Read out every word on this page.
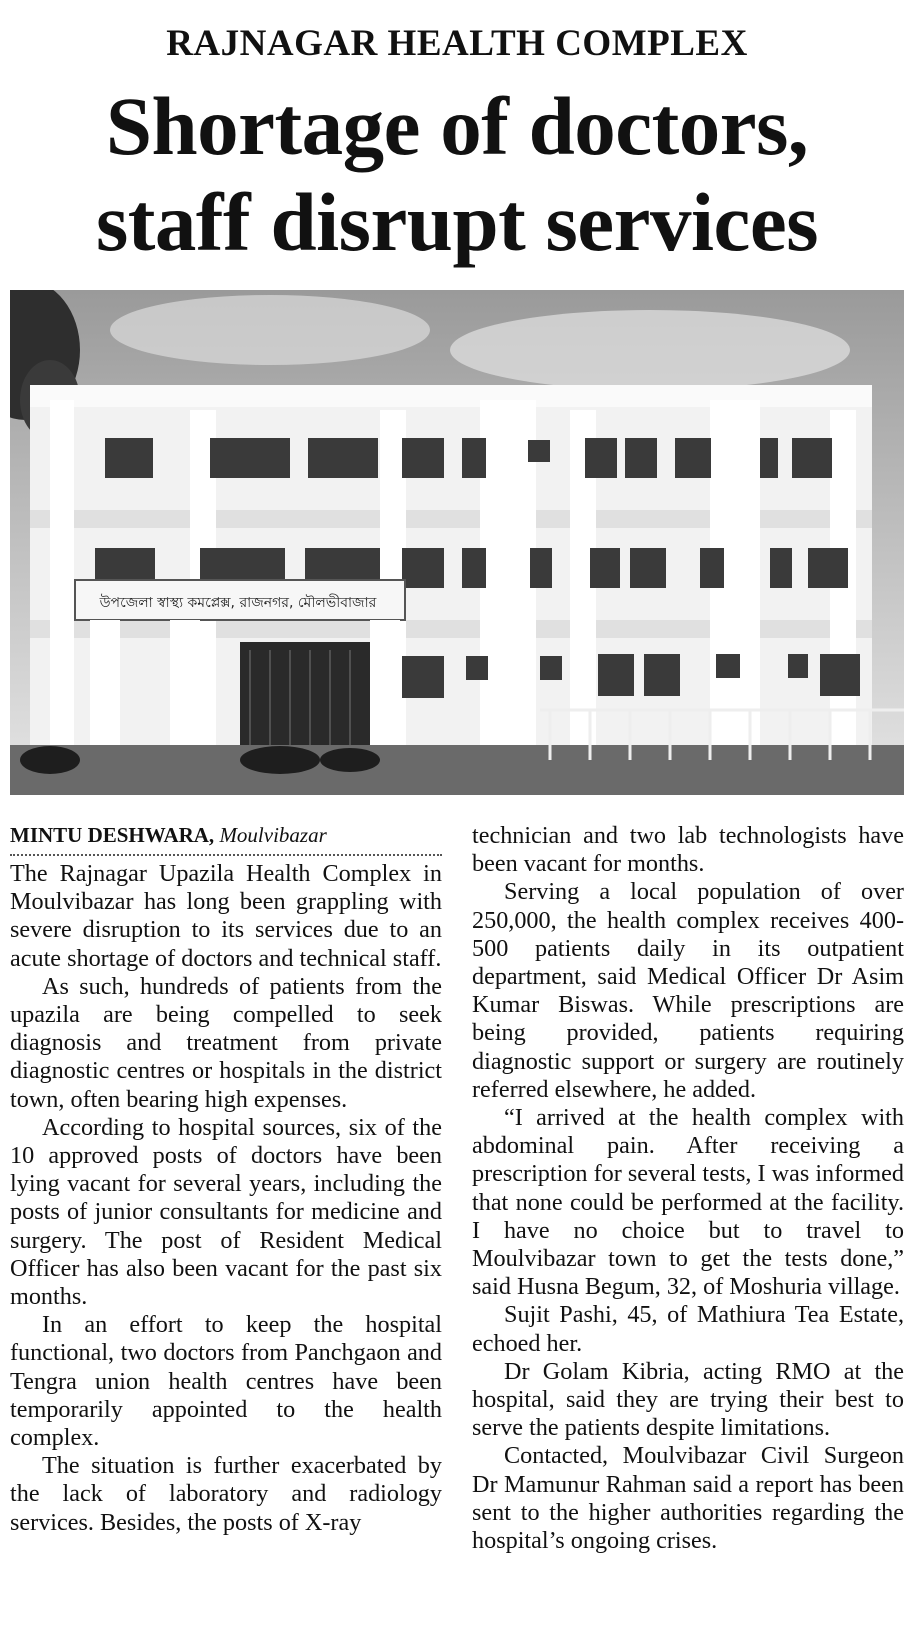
RAJNAGAR HEALTH COMPLEX
Shortage of doctors,
staff disrupt services
উপজেলা স্বাস্থ্য কমপ্লেক্স, রাজনগর, মৌলভীবাজার
MINTU DESHWARA, Moulvibazar

The Rajnagar Upazila Health Complex in Moulvibazar has long been grappling with severe disruption to its services due to an acute shortage of doctors and technical staff.

As such, hundreds of patients from the upazila are being compelled to seek diagnosis and treatment from private diagnostic centres or hospitals in the district town, often bearing high expenses.

According to hospital sources, six of the 10 approved posts of doctors have been lying vacant for several years, including the posts of junior consultants for medicine and surgery. The post of Resident Medical Officer has also been vacant for the past six months.

In an effort to keep the hospital functional, two doctors from Panchgaon and Tengra union health centres have been temporarily appointed to the health complex.

The situation is further exacerbated by the lack of laboratory and radiology services. Besides, the posts of X-ray

technician and two lab technologists have been vacant for months.

Serving a local population of over 250,000, the health complex receives 400-500 patients daily in its outpatient department, said Medical Officer Dr Asim Kumar Biswas. While prescriptions are being provided, patients requiring diagnostic support or surgery are routinely referred elsewhere, he added.

“I arrived at the health complex with abdominal pain. After receiving a prescription for several tests, I was informed that none could be performed at the facility. I have no choice but to travel to Moulvibazar town to get the tests done,” said Husna Begum, 32, of Moshuria village.

Sujit Pashi, 45, of Mathiura Tea Estate, echoed her.

Dr Golam Kibria, acting RMO at the hospital, said they are trying their best to serve the patients despite limitations.

Contacted, Moulvibazar Civil Surgeon Dr Mamunur Rahman said a report has been sent to the higher authorities regarding the hospital’s ongoing crises.
